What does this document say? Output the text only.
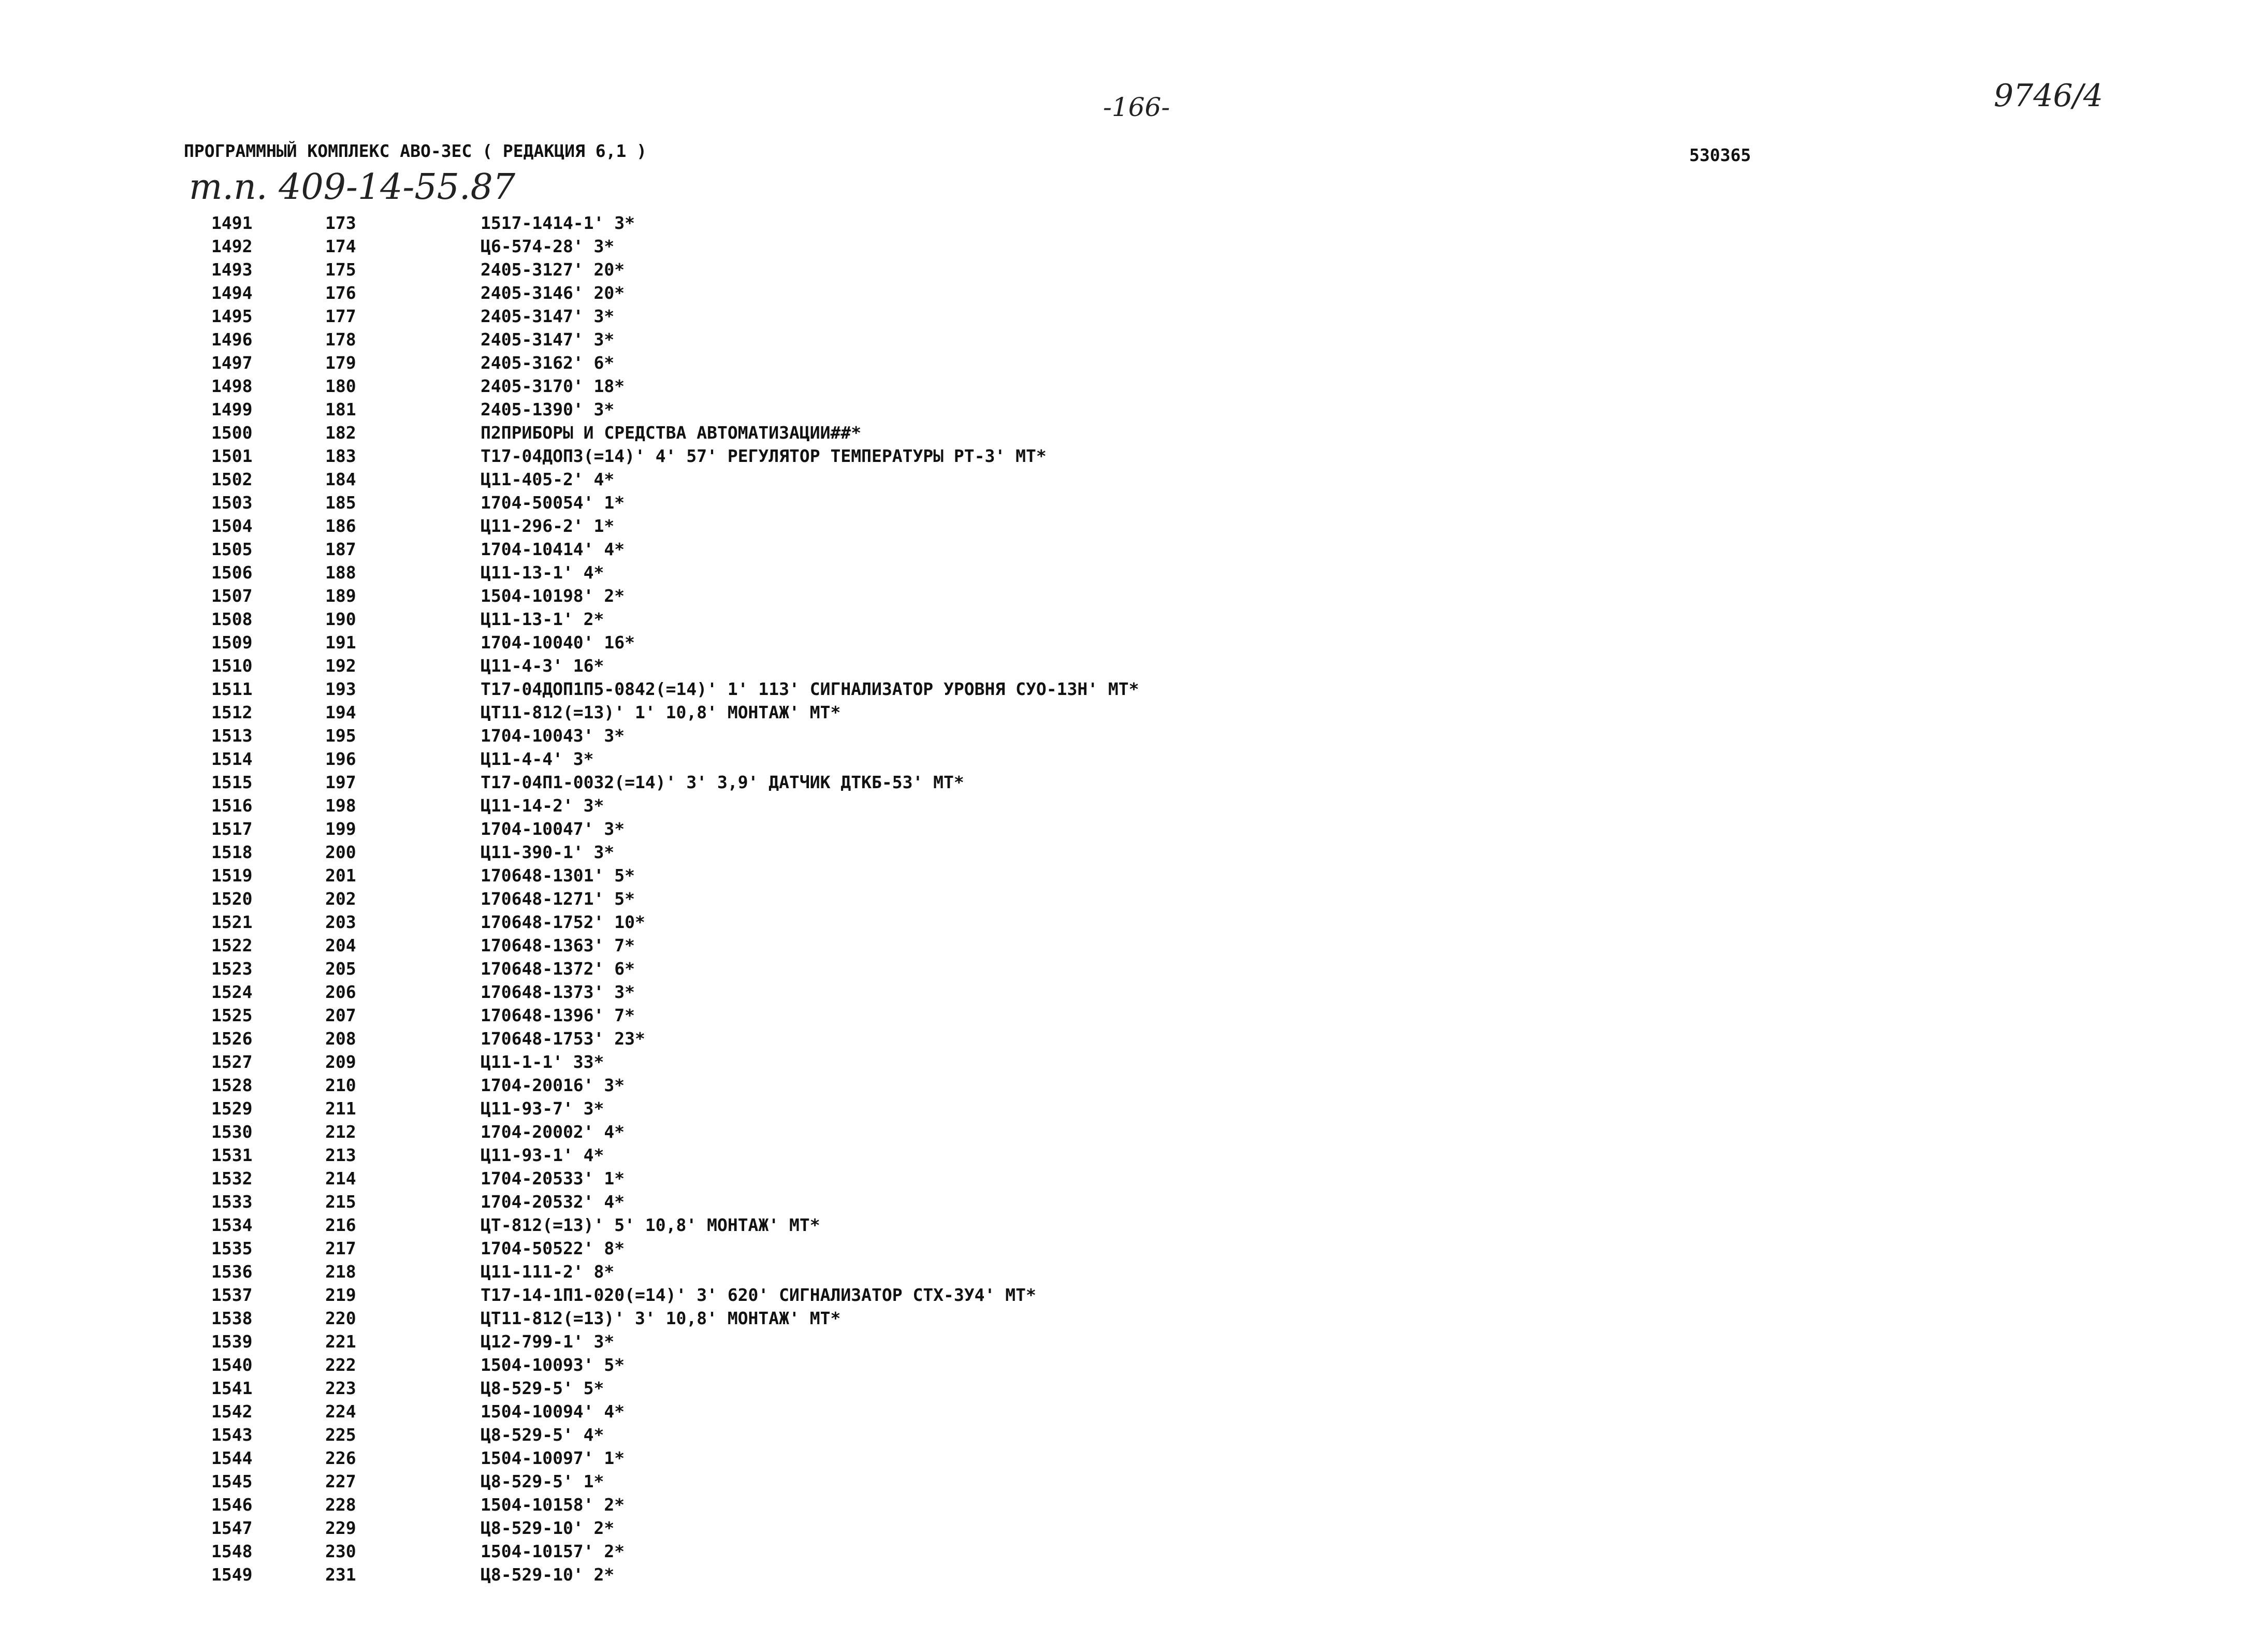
-166-	9746/4
т.п. 409-14-55.87
ПРОГРАММНЫЙ КОМПЛЕКС АВО-3ЕС ( РЕДАКЦИЯ 6,1 )	530365
1491	173	1517-1414-1' 3*
1492	174	Ц6-574-28' 3*
1493	175	2405-3127' 20*
1494	176	2405-3146' 20*
1495	177	2405-3147' 3*
1496	178	2405-3147' 3*
1497	179	2405-3162' 6*
1498	180	2405-3170' 18*
1499	181	2405-1390' 3*
1500	182	П2ПРИБОРЫ И СРЕДСТВА АВТОМАТИЗАЦИИ##*
1501	183	Т17-04ДОП3(=14)' 4' 57' РЕГУЛЯТОР ТЕМПЕРАТУРЫ РТ-3' МТ*
1502	184	Ц11-405-2' 4*
1503	185	1704-50054' 1*
1504	186	Ц11-296-2' 1*
1505	187	1704-10414' 4*
1506	188	Ц11-13-1' 4*
1507	189	1504-10198' 2*
1508	190	Ц11-13-1' 2*
1509	191	1704-10040' 16*
1510	192	Ц11-4-3' 16*
1511	193	Т17-04ДОП1П5-0842(=14)' 1' 113' СИГНАЛИЗАТОР УРОВНЯ СУО-13Н' МТ*
1512	194	ЦТ11-812(=13)' 1' 10,8' МОНТАЖ' МТ*
1513	195	1704-10043' 3*
1514	196	Ц11-4-4' 3*
1515	197	Т17-04П1-0032(=14)' 3' 3,9' ДАТЧИК ДТКБ-53' МТ*
1516	198	Ц11-14-2' 3*
1517	199	1704-10047' 3*
1518	200	Ц11-390-1' 3*
1519	201	170648-1301' 5*
1520	202	170648-1271' 5*
1521	203	170648-1752' 10*
1522	204	170648-1363' 7*
1523	205	170648-1372' 6*
1524	206	170648-1373' 3*
1525	207	170648-1396' 7*
1526	208	170648-1753' 23*
1527	209	Ц11-1-1' 33*
1528	210	1704-20016' 3*
1529	211	Ц11-93-7' 3*
1530	212	1704-20002' 4*
1531	213	Ц11-93-1' 4*
1532	214	1704-20533' 1*
1533	215	1704-20532' 4*
1534	216	ЦТ-812(=13)' 5' 10,8' МОНТАЖ' МТ*
1535	217	1704-50522' 8*
1536	218	Ц11-111-2' 8*
1537	219	Т17-14-1П1-020(=14)' 3' 620' СИГНАЛИЗАТОР СТХ-3У4' МТ*
1538	220	ЦТ11-812(=13)' 3' 10,8' МОНТАЖ' МТ*
1539	221	Ц12-799-1' 3*
1540	222	1504-10093' 5*
1541	223	Ц8-529-5' 5*
1542	224	1504-10094' 4*
1543	225	Ц8-529-5' 4*
1544	226	1504-10097' 1*
1545	227	Ц8-529-5' 1*
1546	228	1504-10158' 2*
1547	229	Ц8-529-10' 2*
1548	230	1504-10157' 2*
1549	231	Ц8-529-10' 2*
